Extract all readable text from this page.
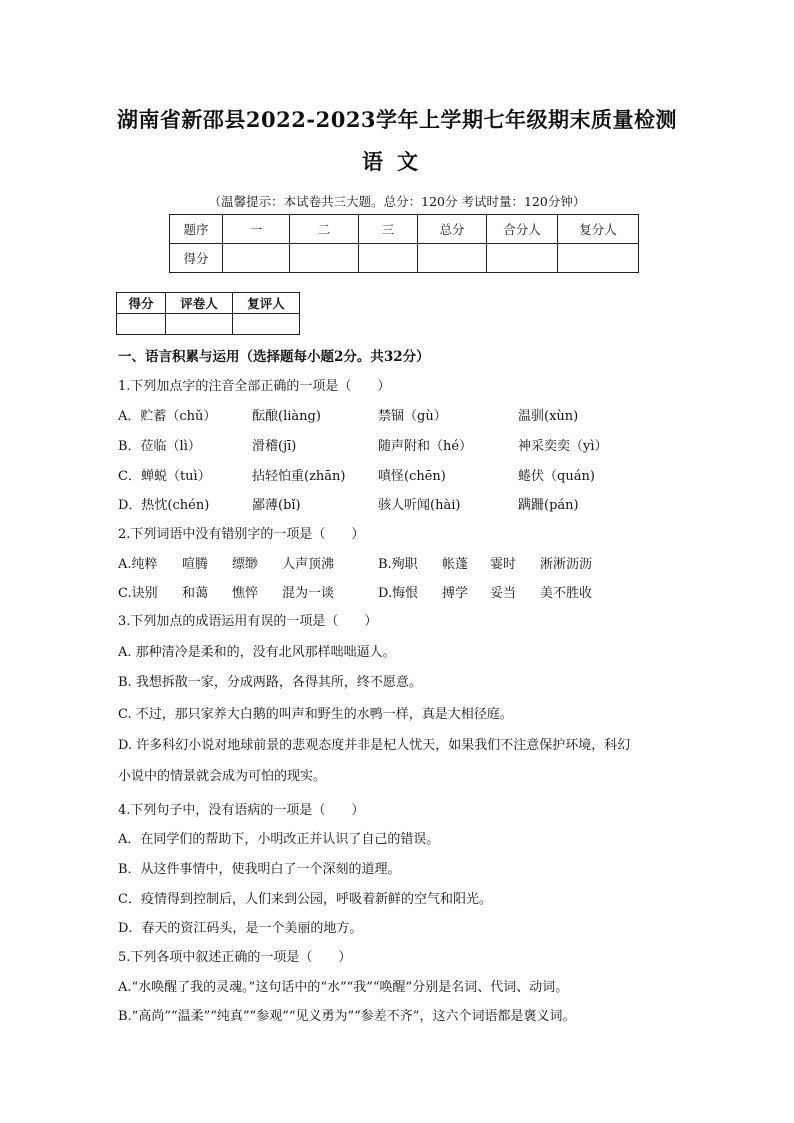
湖南省新邵县2022-2023学年上学期七年级期末质量检测
语文
（温馨提示：本试卷共三大题。总分：120分 考试时量：120分钟）
题序	一	二	三	总分	合分人	复分人
得分						
得分	评卷人	复评人

一、语言积累与运用（选择题每小题2分。共32分）
1.下列加点字的注音全部正确的一项是（　　）
A．贮蓄（chǔ）	酝酿(liàng)	禁锢（gù）	温驯(xùn)
B．莅临（lì）	滑稽(jī)	随声附和（hé）	神采奕奕（yì）
C．蝉蜕（tuì）	拈轻怕重(zhān)	嗔怪(chēn)	蜷伏（quán)
D．热忱(chén)	鄙薄(bǐ)	骇人听闻(hài)	蹒跚(pán)
2.下列词语中没有错别字的一项是（　　）
A.纯粹 喧腾 缥缈 人声顶沸	B.殉职 帐蓬 霎时 淅淅沥沥
C.诀别 和蔼 憔悴 混为一谈	D.悔恨 搏学 妥当 美不胜收
3.下列加点的成语运用有误的一项是（　　）
A. 那种清冷是柔和的，没有北风那样咄咄逼人。
B. 我想拆散一家，分成两路，各得其所，终不愿意。
C. 不过，那只家养大白鹅的叫声和野生的水鸭一样，真是大相径庭。
D. 许多科幻小说对地球前景的悲观态度并非是杞人忧天，如果我们不注意保护环境，科幻
小说中的情景就会成为可怕的现实。
4.下列句子中，没有语病的一项是（　　）
A．在同学们的帮助下，小明改正并认识了自己的错误。
B．从这件事情中，使我明白了一个深刻的道理。
C．疫情得到控制后，人们来到公园，呼吸着新鲜的空气和阳光。
D．春天的资江码头，是一个美丽的地方。
5.下列各项中叙述正确的一项是（　　）
A.“水唤醒了我的灵魂。”这句话中的“水”“我”“唤醒”分别是名词、代词、动词。
B.“高尚”“温柔”“纯真”“参观”“见义勇为”“参差不齐”，这六个词语都是褒义词。
